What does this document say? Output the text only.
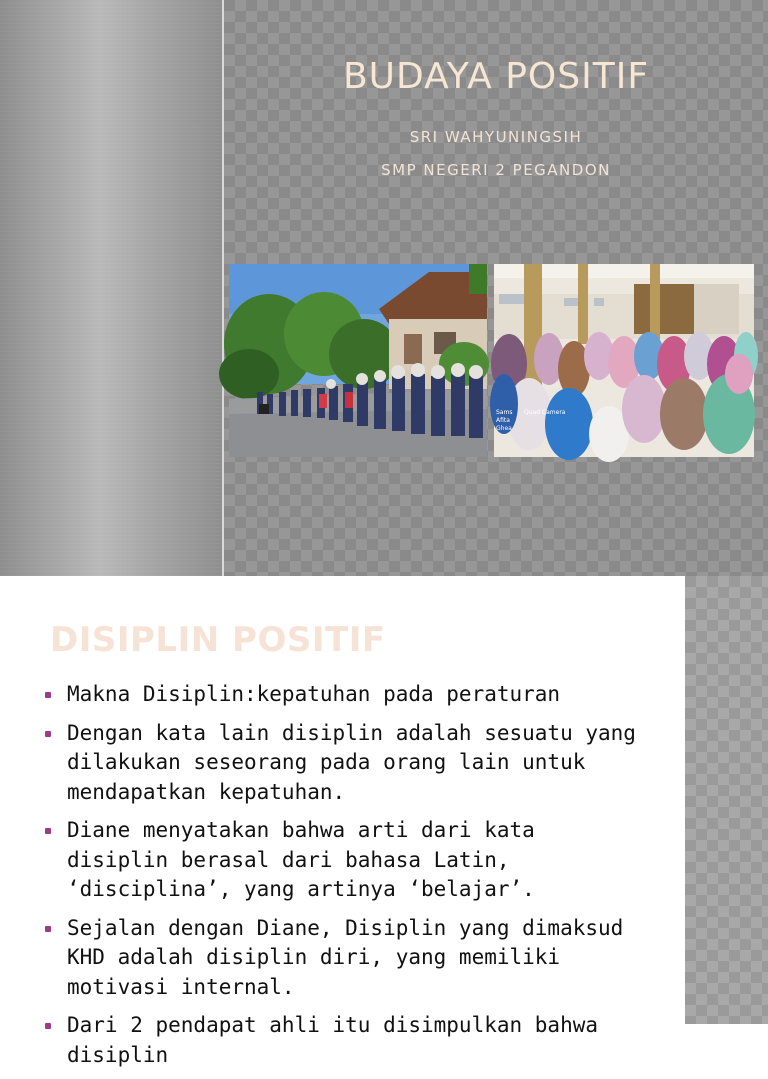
BUDAYA POSITIF
SRI WAHYUNINGSIH
SMP NEGERI 2 PEGANDON
Sams Quad Camera
Afita
Ghea
DISIPLIN POSITIF
Makna Disiplin:kepatuhan pada peraturan
Dengan kata lain disiplin adalah sesuatu yang dilakukan seseorang pada orang lain untuk mendapatkan kepatuhan.
Diane menyatakan bahwa arti dari kata disiplin berasal dari bahasa Latin, ‘disciplina’, yang artinya ‘belajar’.
Sejalan dengan Diane, Disiplin yang dimaksud KHD adalah disiplin diri, yang memiliki motivasi internal.
Dari 2 pendapat ahli itu disimpulkan bahwa disiplin
